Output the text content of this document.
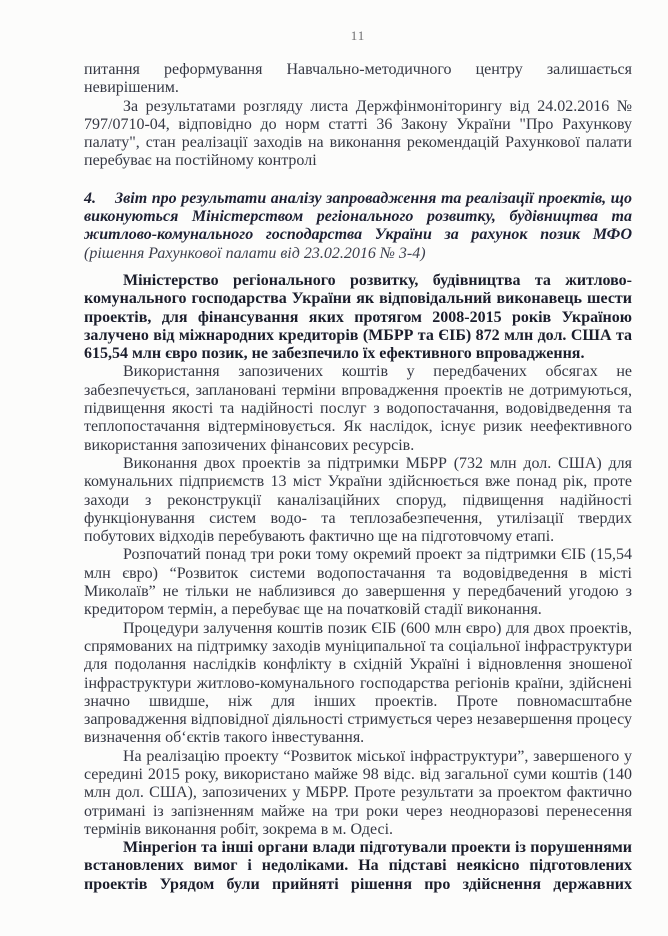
11

питання реформування Навчально-методичного центру залишається невирішеним.

За результатами розгляду листа Держфінмоніторингу від 24.02.2016 № 797/0710-04, відповідно до норм статті 36 Закону України "Про Рахункову палату", стан реалізації заходів на виконання рекомендацій Рахункової палати перебуває на постійному контролі

4. Звіт про результати аналізу запровадження та реалізації проектів, що виконуються Міністерством регіонального розвитку, будівництва та житлово-комунального господарства України за рахунок позик МФО

(рішення Рахункової палати від 23.02.2016 № 3-4)

Міністерство регіонального розвитку, будівництва та житлово-комунального господарства України як відповідальний виконавець шести проектів, для фінансування яких протягом 2008-2015 років Україною залучено від міжнародних кредиторів (МБРР та ЄІБ) 872 млн дол. США та 615,54 млн євро позик, не забезпечило їх ефективного впровадження.

Використання запозичених коштів у передбачених обсягах не забезпечується, заплановані терміни впровадження проектів не дотримуються, підвищення якості та надійності послуг з водопостачання, водовідведення та теплопостачання відтерміновується. Як наслідок, існує ризик неефективного використання запозичених фінансових ресурсів.

Виконання двох проектів за підтримки МБРР (732 млн дол. США) для комунальних підприємств 13 міст України здійснюється вже понад рік, проте заходи з реконструкції каналізаційних споруд, підвищення надійності функціонування систем водо- та теплозабезпечення, утилізації твердих побутових відходів перебувають фактично ще на підготовчому етапі.

Розпочатий понад три роки тому окремий проект за підтримки ЄІБ (15,54 млн євро) “Розвиток системи водопостачання та водовідведення в місті Миколаїв” не тільки не наблизився до завершення у передбачений угодою з кредитором термін, а перебуває ще на початковій стадії виконання.

Процедури залучення коштів позик ЄІБ (600 млн євро) для двох проектів, спрямованих на підтримку заходів муніципальної та соціальної інфраструктури для подолання наслідків конфлікту в східній Україні і відновлення зношеної інфраструктури житлово-комунального господарства регіонів країни, здійснені значно швидше, ніж для інших проектів. Проте повномасштабне запровадження відповідної діяльності стримується через незавершення процесу визначення об‘єктів такого інвестування.

На реалізацію проекту “Розвиток міської інфраструктури”, завершеного у середині 2015 року, використано майже 98 відс. від загальної суми коштів (140 млн дол. США), запозичених у МБРР. Проте результати за проектом фактично отримані із запізненням майже на три роки через неодноразові перенесення термінів виконання робіт, зокрема в м. Одесі.

Мінрегіон та інші органи влади підготували проекти із порушеннями встановлених вимог і недоліками. На підставі неякісно підготовлених проектів Урядом були прийняті рішення про здійснення державних
